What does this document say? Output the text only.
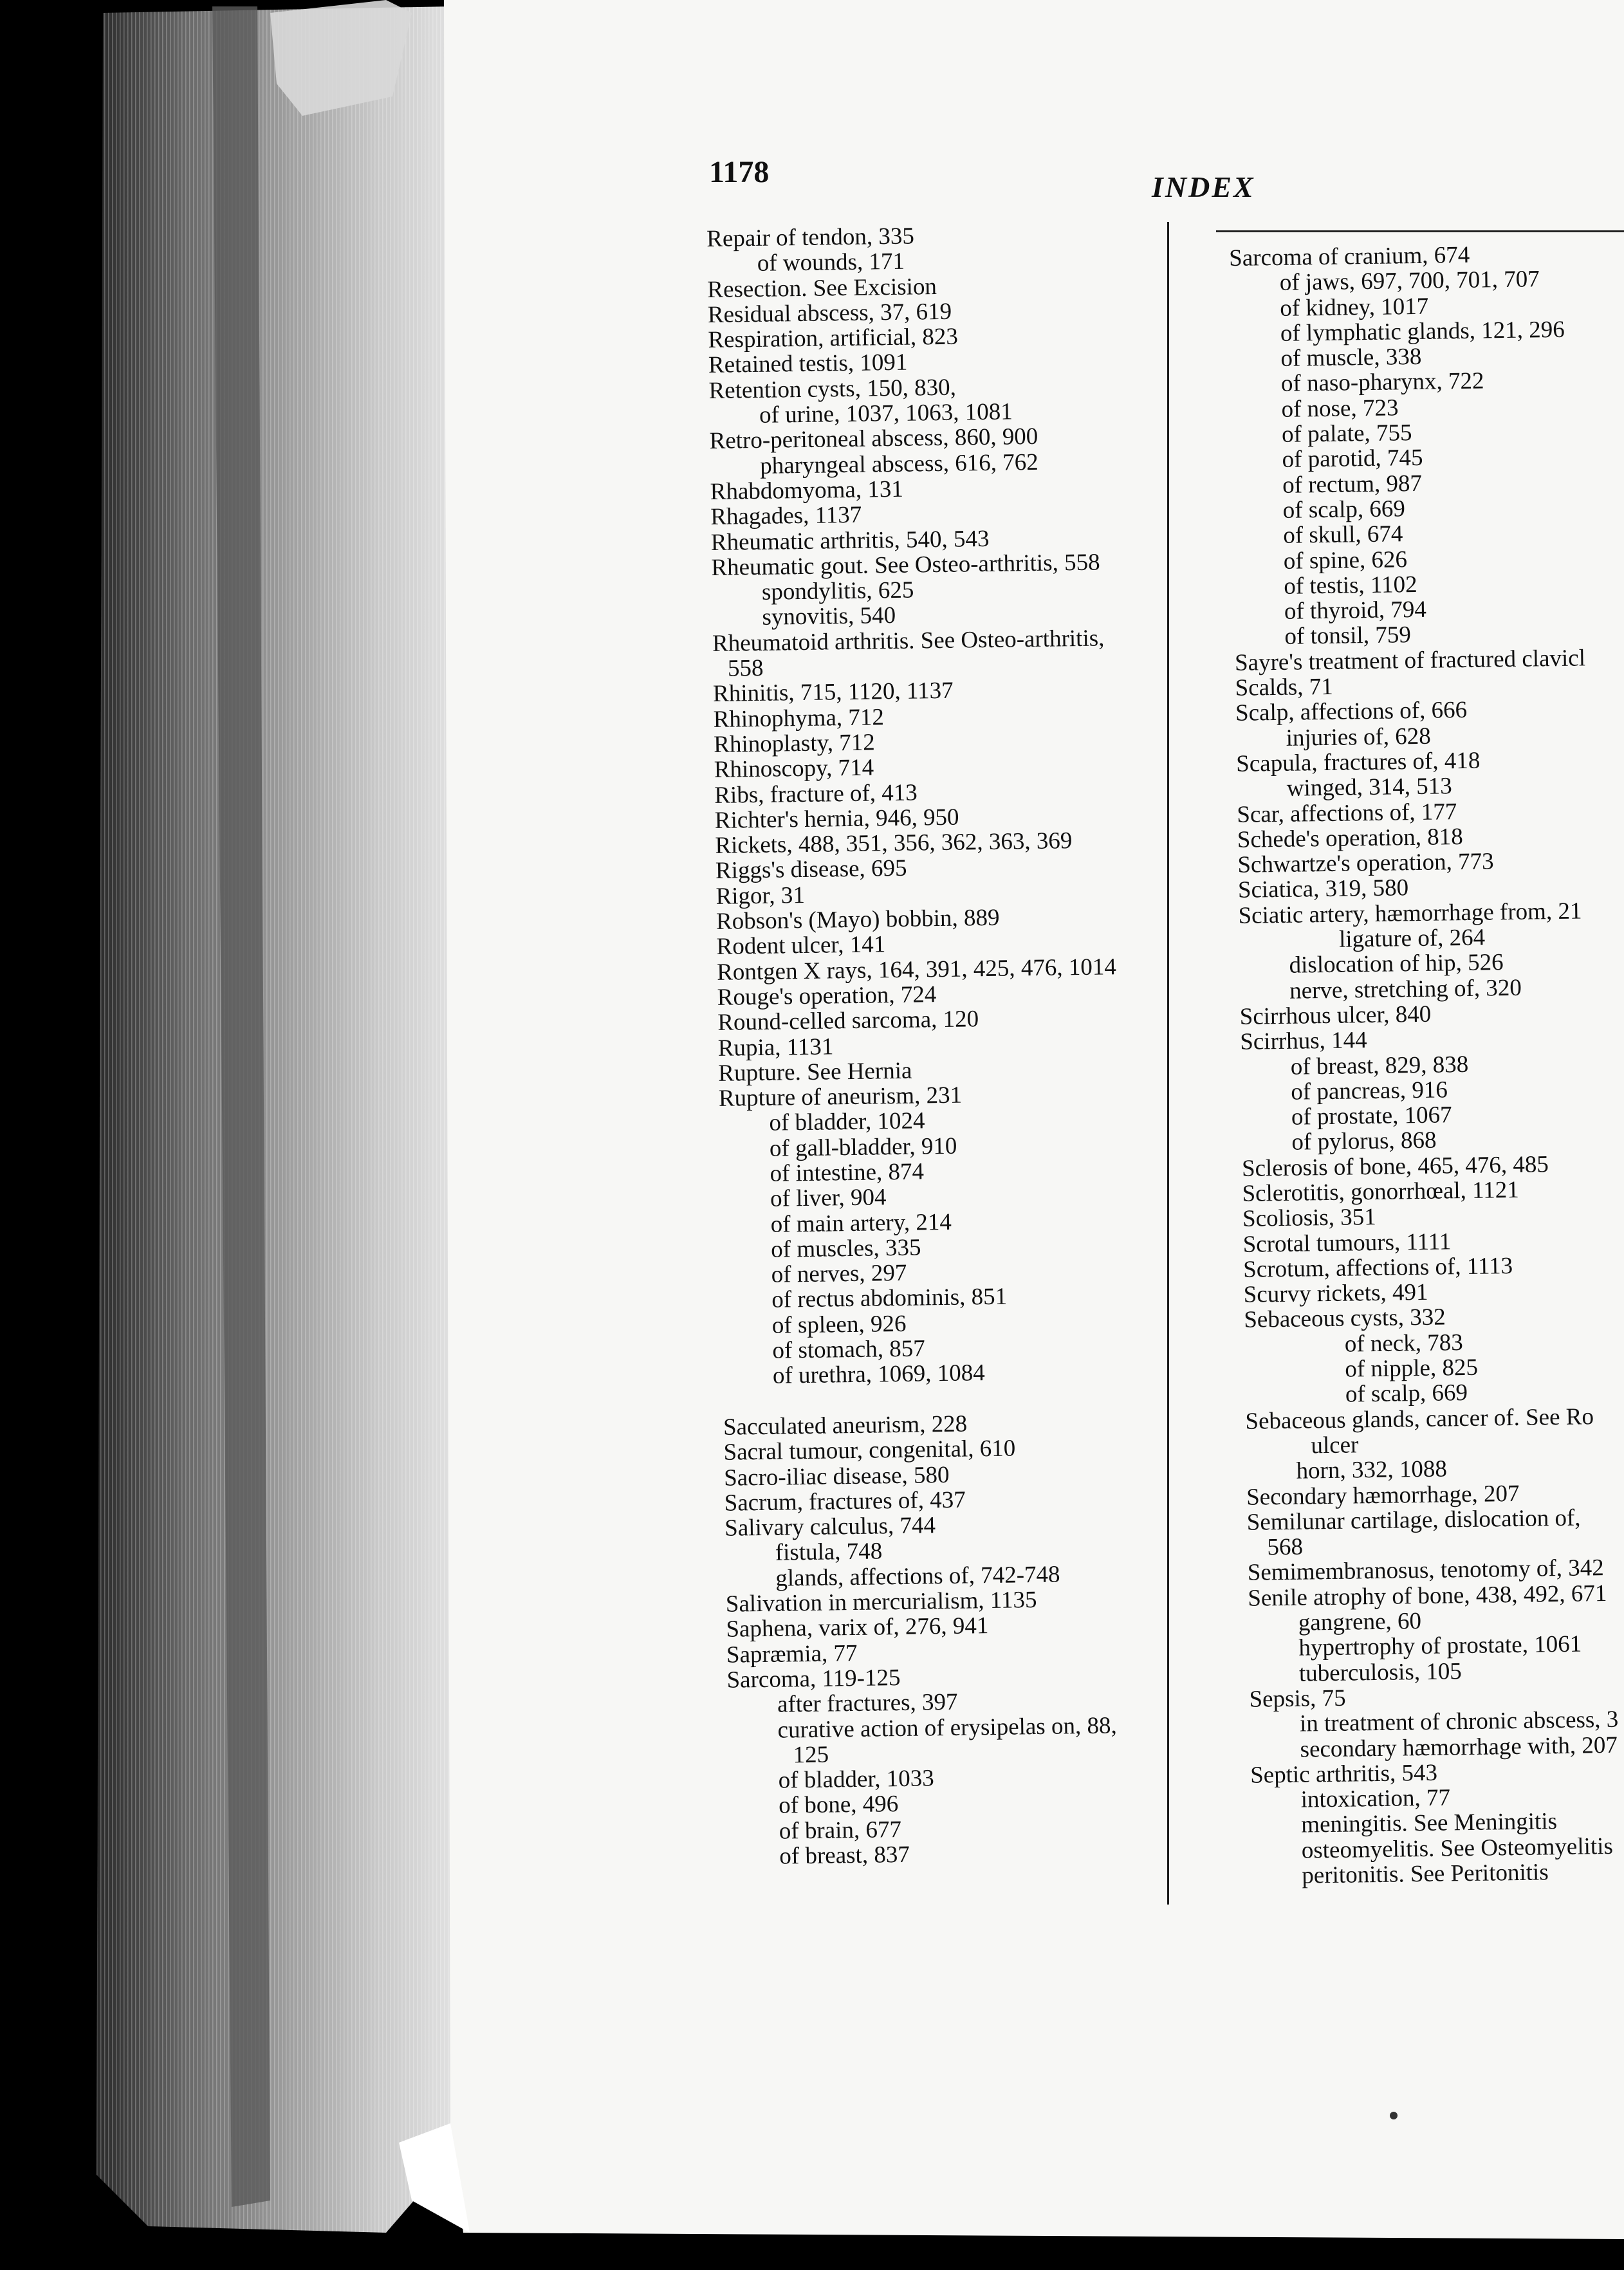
1178	INDEX
Repair of tendon, 335
of wounds, 171
Resection. See Excision
Residual abscess, 37, 619
Respiration, artificial, 823
Retained testis, 1091
Retention cysts, 150, 830,
of urine, 1037, 1063, 1081
Retro-peritoneal abscess, 860, 900
pharyngeal abscess, 616, 762
Rhabdomyoma, 131
Rhagades, 1137
Rheumatic arthritis, 540, 543
Rheumatic gout. See Osteo-arthritis, 558
spondylitis, 625
synovitis, 540
Rheumatoid arthritis. See Osteo-arthritis,
558
Rhinitis, 715, 1120, 1137
Rhinophyma, 712
Rhinoplasty, 712
Rhinoscopy, 714
Ribs, fracture of, 413
Richter's hernia, 946, 950
Rickets, 488, 351, 356, 362, 363, 369
Riggs's disease, 695
Rigor, 31
Robson's (Mayo) bobbin, 889
Rodent ulcer, 141
Rontgen X rays, 164, 391, 425, 476, 1014
Rouge's operation, 724
Round-celled sarcoma, 120
Rupia, 1131
Rupture. See Hernia
Rupture of aneurism, 231
of bladder, 1024
of gall-bladder, 910
of intestine, 874
of liver, 904
of main artery, 214
of muscles, 335
of nerves, 297
of rectus abdominis, 851
of spleen, 926
of stomach, 857
of urethra, 1069, 1084
Sacculated aneurism, 228
Sacral tumour, congenital, 610
Sacro-iliac disease, 580
Sacrum, fractures of, 437
Salivary calculus, 744
fistula, 748
glands, affections of, 742-748
Salivation in mercurialism, 1135
Saphena, varix of, 276, 941
Sapræmia, 77
Sarcoma, 119-125
after fractures, 397
curative action of erysipelas on, 88,
125
of bladder, 1033
of bone, 496
of brain, 677
of breast, 837
Sarcoma of cranium, 674
of jaws, 697, 700, 701, 707
of kidney, 1017
of lymphatic glands, 121, 296
of muscle, 338
of naso-pharynx, 722
of nose, 723
of palate, 755
of parotid, 745
of rectum, 987
of scalp, 669
of skull, 674
of spine, 626
of testis, 1102
of thyroid, 794
of tonsil, 759
Sayre's treatment of fractured clavicl
Scalds, 71
Scalp, affections of, 666
injuries of, 628
Scapula, fractures of, 418
winged, 314, 513
Scar, affections of, 177
Schede's operation, 818
Schwartze's operation, 773
Sciatica, 319, 580
Sciatic artery, hæmorrhage from, 21
ligature of, 264
dislocation of hip, 526
nerve, stretching of, 320
Scirrhous ulcer, 840
Scirrhus, 144
of breast, 829, 838
of pancreas, 916
of prostate, 1067
of pylorus, 868
Sclerosis of bone, 465, 476, 485
Sclerotitis, gonorrhœal, 1121
Scoliosis, 351
Scrotal tumours, 1111
Scrotum, affections of, 1113
Scurvy rickets, 491
Sebaceous cysts, 332
of neck, 783
of nipple, 825
of scalp, 669
Sebaceous glands, cancer of. See Ro
ulcer
horn, 332, 1088
Secondary hæmorrhage, 207
Semilunar cartilage, dislocation of,
568
Semimembranosus, tenotomy of, 342
Senile atrophy of bone, 438, 492, 671
gangrene, 60
hypertrophy of prostate, 1061
tuberculosis, 105
Sepsis, 75
in treatment of chronic abscess, 3
secondary hæmorrhage with, 207
Septic arthritis, 543
intoxication, 77
meningitis. See Meningitis
osteomyelitis. See Osteomyelitis
peritonitis. See Peritonitis
